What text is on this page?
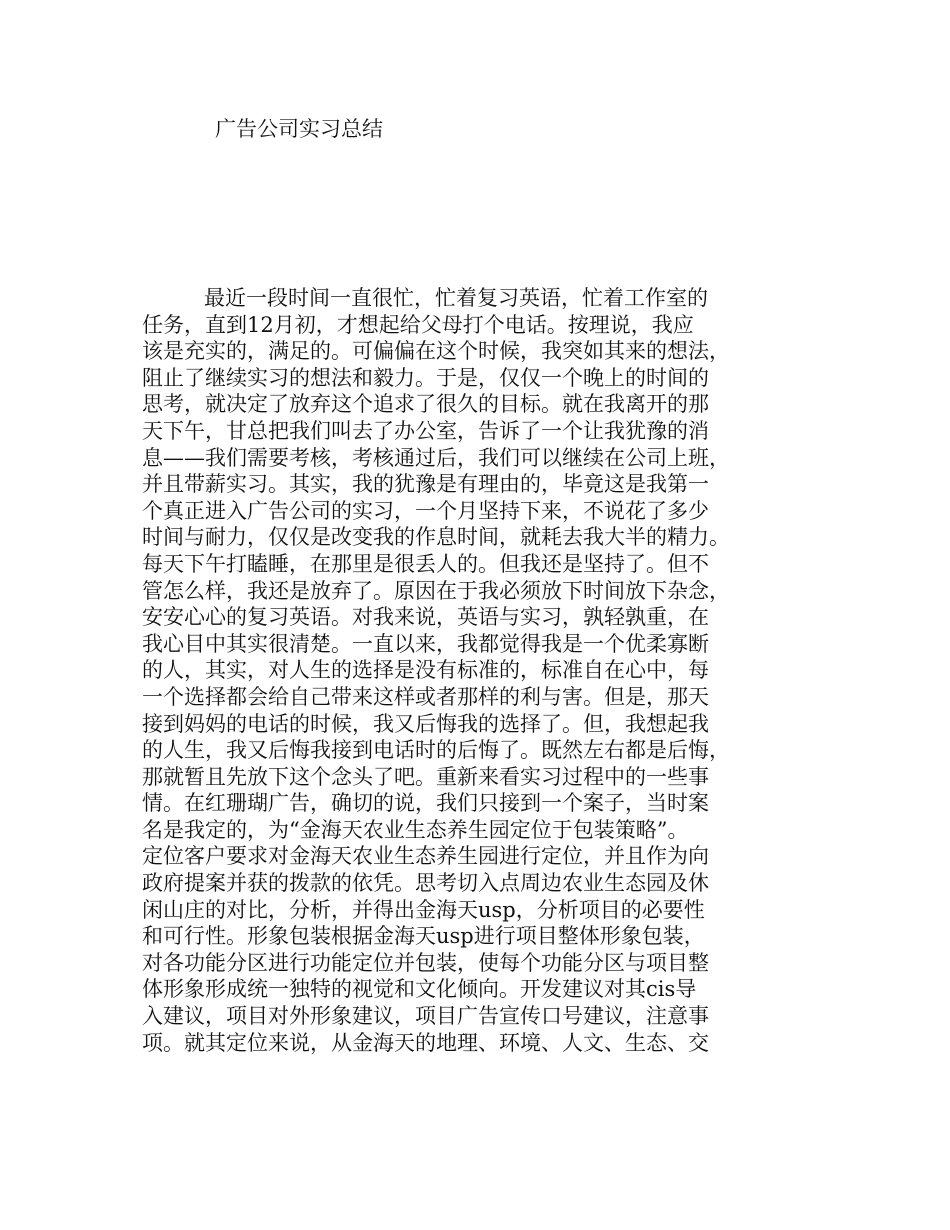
广告公司实习总结
最近一段时间一直很忙，忙着复习英语，忙着工作室的
任务，直到12月初，才想起给父母打个电话。按理说，我应
该是充实的，满足的。可偏偏在这个时候，我突如其来的想法，
阻止了继续实习的想法和毅力。于是，仅仅一个晚上的时间的
思考，就决定了放弃这个追求了很久的目标。就在我离开的那
天下午，甘总把我们叫去了办公室，告诉了一个让我犹豫的消
息——我们需要考核，考核通过后，我们可以继续在公司上班，
并且带薪实习。其实，我的犹豫是有理由的，毕竟这是我第一
个真正进入广告公司的实习，一个月坚持下来，不说花了多少
时间与耐力，仅仅是改变我的作息时间，就耗去我大半的精力。
每天下午打瞌睡，在那里是很丢人的。但我还是坚持了。但不
管怎么样，我还是放弃了。原因在于我必须放下时间放下杂念，
安安心心的复习英语。对我来说，英语与实习，孰轻孰重，在
我心目中其实很清楚。一直以来，我都觉得我是一个优柔寡断
的人，其实，对人生的选择是没有标准的，标准自在心中，每
一个选择都会给自己带来这样或者那样的利与害。但是，那天
接到妈妈的电话的时候，我又后悔我的选择了。但，我想起我
的人生，我又后悔我接到电话时的后悔了。既然左右都是后悔，
那就暂且先放下这个念头了吧。重新来看实习过程中的一些事
情。在红珊瑚广告，确切的说，我们只接到一个案子，当时案
名是我定的，为“金海天农业生态养生园定位于包装策略”。
定位客户要求对金海天农业生态养生园进行定位，并且作为向
政府提案并获的拨款的依凭。思考切入点周边农业生态园及休
闲山庄的对比，分析，并得出金海天usp，分析项目的必要性
和可行性。形象包装根据金海天usp进行项目整体形象包装，
对各功能分区进行功能定位并包装，使每个功能分区与项目整
体形象形成统一独特的视觉和文化倾向。开发建议对其cis导
入建议，项目对外形象建议，项目广告宣传口号建议，注意事
项。就其定位来说，从金海天的地理、环境、人文、生态、交
